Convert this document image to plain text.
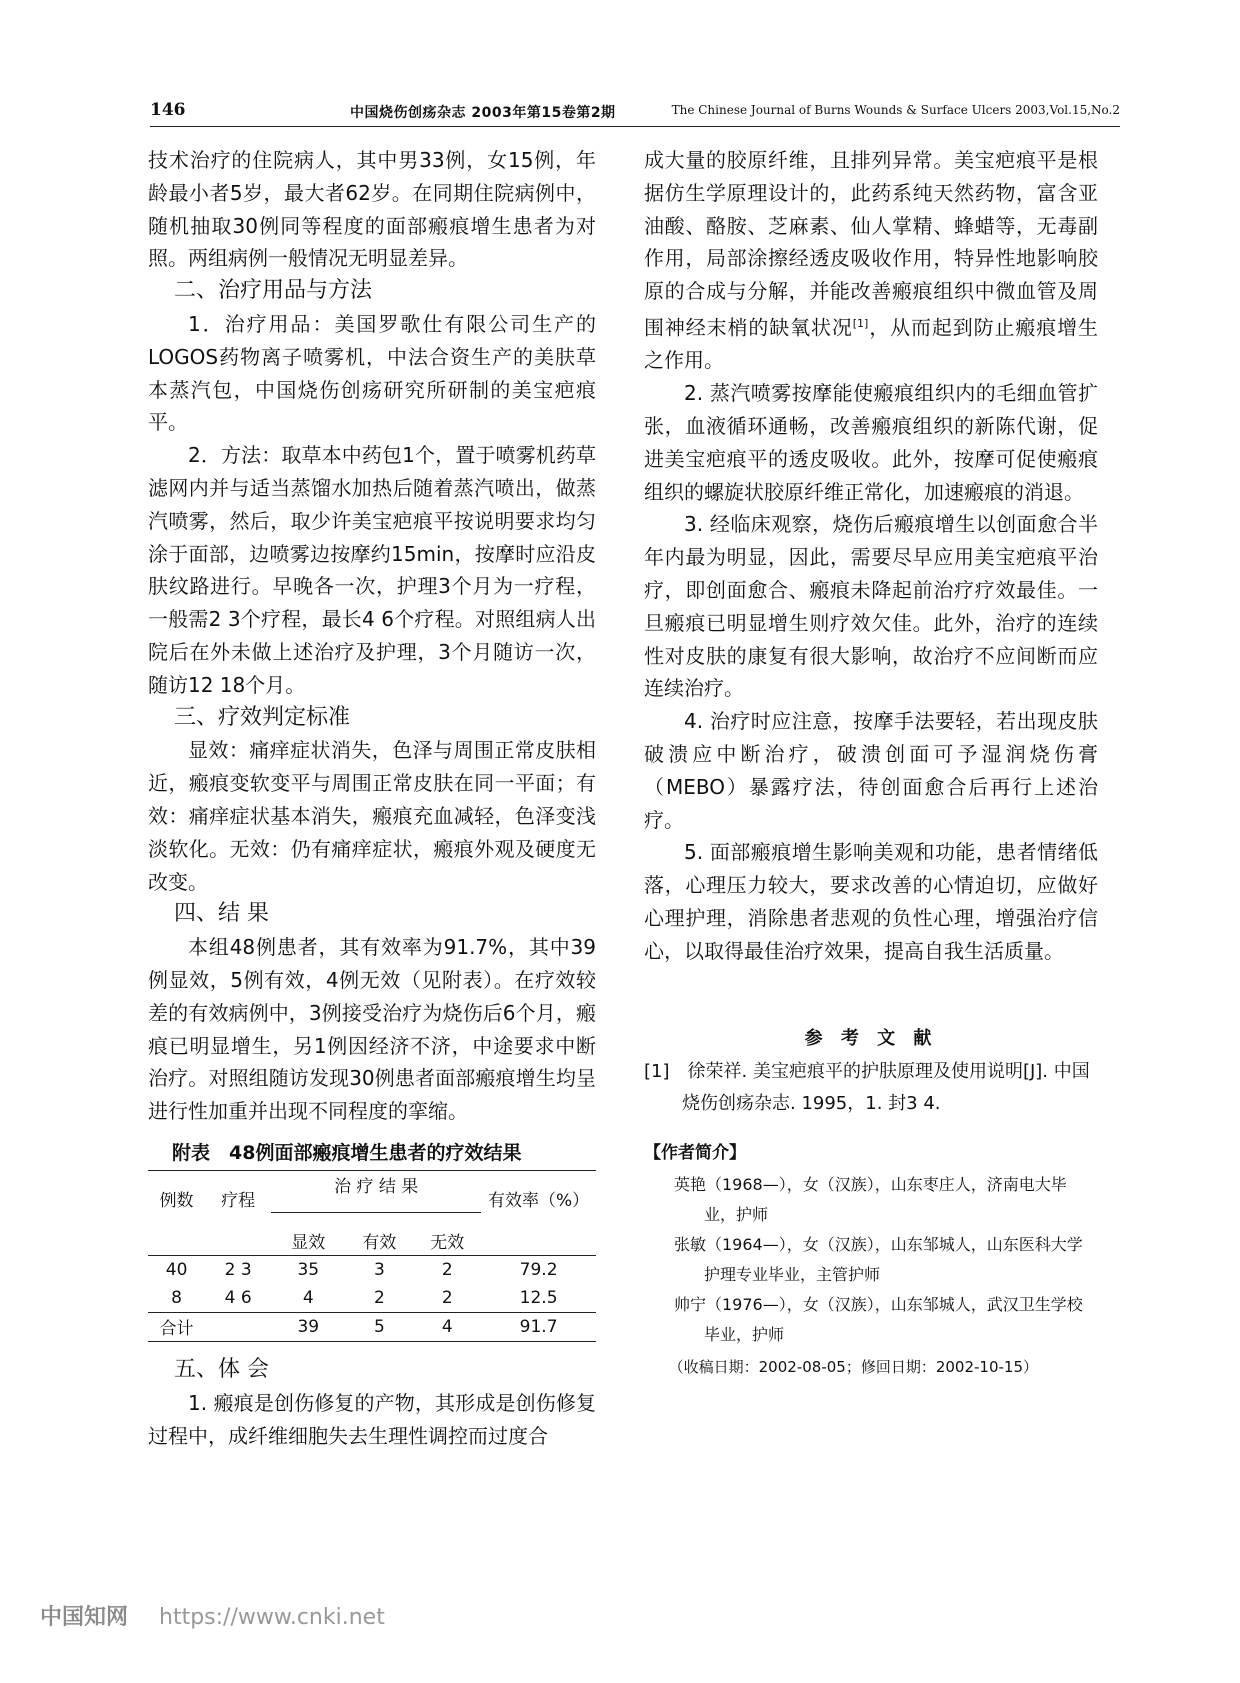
146	中国烧伤创疡杂志 2003年第15卷第2期	The Chinese Journal of Burns Wounds & Surface Ulcers 2003,Vol.15,No.2

技术治疗的住院病人，其中男33例，女15例，年龄最小者5岁，最大者62岁。在同期住院病例中，随机抽取30例同等程度的面部瘢痕增生患者为对照。两组病例一般情况无明显差异。

二、治疗用品与方法

1．治疗用品：美国罗歌仕有限公司生产的LOGOS药物离子喷雾机，中法合资生产的美肤草本蒸汽包，中国烧伤创疡研究所研制的美宝疤痕平。

2．方法：取草本中药包1个，置于喷雾机药草滤网内并与适当蒸馏水加热后随着蒸汽喷出，做蒸汽喷雾，然后，取少许美宝疤痕平按说明要求均匀涂于面部，边喷雾边按摩约15min，按摩时应沿皮肤纹路进行。早晚各一次，护理3个月为一疗程，一般需2 3个疗程，最长4 6个疗程。对照组病人出院后在外未做上述治疗及护理，3个月随访一次，随访12 18个月。

三、疗效判定标准

显效：痛痒症状消失，色泽与周围正常皮肤相近，瘢痕变软变平与周围正常皮肤在同一平面；有效：痛痒症状基本消失，瘢痕充血减轻，色泽变浅淡软化。无效：仍有痛痒症状，瘢痕外观及硬度无改变。

四、结 果

本组48例患者，其有效率为91.7%，其中39例显效，5例有效，4例无效（见附表）。在疗效较差的有效病例中，3例接受治疗为烧伤后6个月，瘢痕已明显增生，另1例因经济不济，中途要求中断治疗。对照组随访发现30例患者面部瘢痕增生均呈进行性加重并出现不同程度的挛缩。

附表　48例面部瘢痕增生患者的疗效结果

例数	疗程	治 疗 结 果			有效率（%）

		显效	有效	无效	
40	2 3	35	3	2	79.2
8	4 6	4	2	2	12.5
合计		39	5	4	91.7

五、体 会

1. 瘢痕是创伤修复的产物，其形成是创伤修复过程中，成纤维细胞失去生理性调控而过度合

成大量的胶原纤维，且排列异常。美宝疤痕平是根据仿生学原理设计的，此药系纯天然药物，富含亚油酸、酪胺、芝麻素、仙人掌精、蜂蜡等，无毒副作用，局部涂擦经透皮吸收作用，特异性地影响胶原的合成与分解，并能改善瘢痕组织中微血管及周围神经末梢的缺氧状况[1]，从而起到防止瘢痕增生之作用。

2. 蒸汽喷雾按摩能使瘢痕组织内的毛细血管扩张，血液循环通畅，改善瘢痕组织的新陈代谢，促进美宝疤痕平的透皮吸收。此外，按摩可促使瘢痕组织的螺旋状胶原纤维正常化，加速瘢痕的消退。

3. 经临床观察，烧伤后瘢痕增生以创面愈合半年内最为明显，因此，需要尽早应用美宝疤痕平治疗，即创面愈合、瘢痕未降起前治疗疗效最佳。一旦瘢痕已明显增生则疗效欠佳。此外，治疗的连续性对皮肤的康复有很大影响，故治疗不应间断而应连续治疗。

4. 治疗时应注意，按摩手法要轻，若出现皮肤破溃应中断治疗，破溃创面可予湿润烧伤膏（MEBO）暴露疗法，待创面愈合后再行上述治疗。

5. 面部瘢痕增生影响美观和功能，患者情绪低落，心理压力较大，要求改善的心情迫切，应做好心理护理，消除患者悲观的负性心理，增强治疗信心，以取得最佳治疗效果，提高自我生活质量。

参 考 文 献

[1]　徐荣祥. 美宝疤痕平的护肤原理及使用说明[J]. 中国烧伤创疡杂志. 1995，1. 封3 4.

【作者简介】

英艳（1968—），女（汉族），山东枣庄人，济南电大毕业，护师

张敏（1964—），女（汉族），山东邹城人，山东医科大学护理专业毕业，主管护师

帅宁（1976—），女（汉族），山东邹城人，武汉卫生学校毕业，护师

（收稿日期：2002-08-05；修回日期：2002-10-15）

中国知网 https://www.cnki.net
